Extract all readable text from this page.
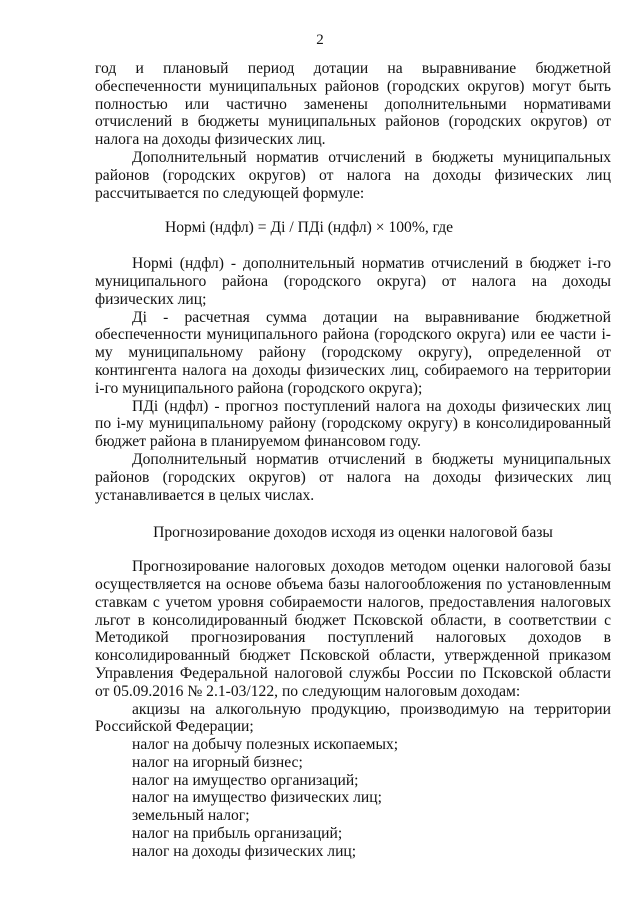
2

год и плановый период дотации на выравнивание бюджетной обеспеченности муниципальных районов (городских округов) могут быть полностью или частично заменены дополнительными нормативами отчислений в бюджеты муниципальных районов (городских округов) от налога на доходы физических лиц.

Дополнительный норматив отчислений в бюджеты муниципальных районов (городских округов) от налога на доходы физических лиц рассчитывается по следующей формуле:

Нормi (ндфл) = Дi / ПДi (ндфл) × 100%, где

Нормi (ндфл) - дополнительный норматив отчислений в бюджет i-го муниципального района (городского округа) от налога на доходы физических лиц;

Дi - расчетная сумма дотации на выравнивание бюджетной обеспеченности муниципального района (городского округа) или ее части i-му муниципальному району (городскому округу), определенной от контингента налога на доходы физических лиц, собираемого на территории i-го муниципального района (городского округа);

ПДi (ндфл) - прогноз поступлений налога на доходы физических лиц по i-му муниципальному району (городскому округу) в консолидированный бюджет района в планируемом финансовом году.

Дополнительный норматив отчислений в бюджеты муниципальных районов (городских округов) от налога на доходы физических лиц устанавливается в целых числах.

Прогнозирование доходов исходя из оценки налоговой базы

Прогнозирование налоговых доходов методом оценки налоговой базы осуществляется на основе объема базы налогообложения по установленным ставкам с учетом уровня собираемости налогов, предоставления налоговых льгот в консолидированный бюджет Псковской области, в соответствии с Методикой прогнозирования поступлений налоговых доходов в консолидированный бюджет Псковской области, утвержденной приказом Управления Федеральной налоговой службы России по Псковской области от 05.09.2016 № 2.1-03/122, по следующим налоговым доходам:

акцизы на алкогольную продукцию, производимую на территории Российской Федерации;

налог на добычу полезных ископаемых;

налог на игорный бизнес;

налог на имущество организаций;

налог на имущество физических лиц;

земельный налог;

налог на прибыль организаций;

налог на доходы физических лиц;
